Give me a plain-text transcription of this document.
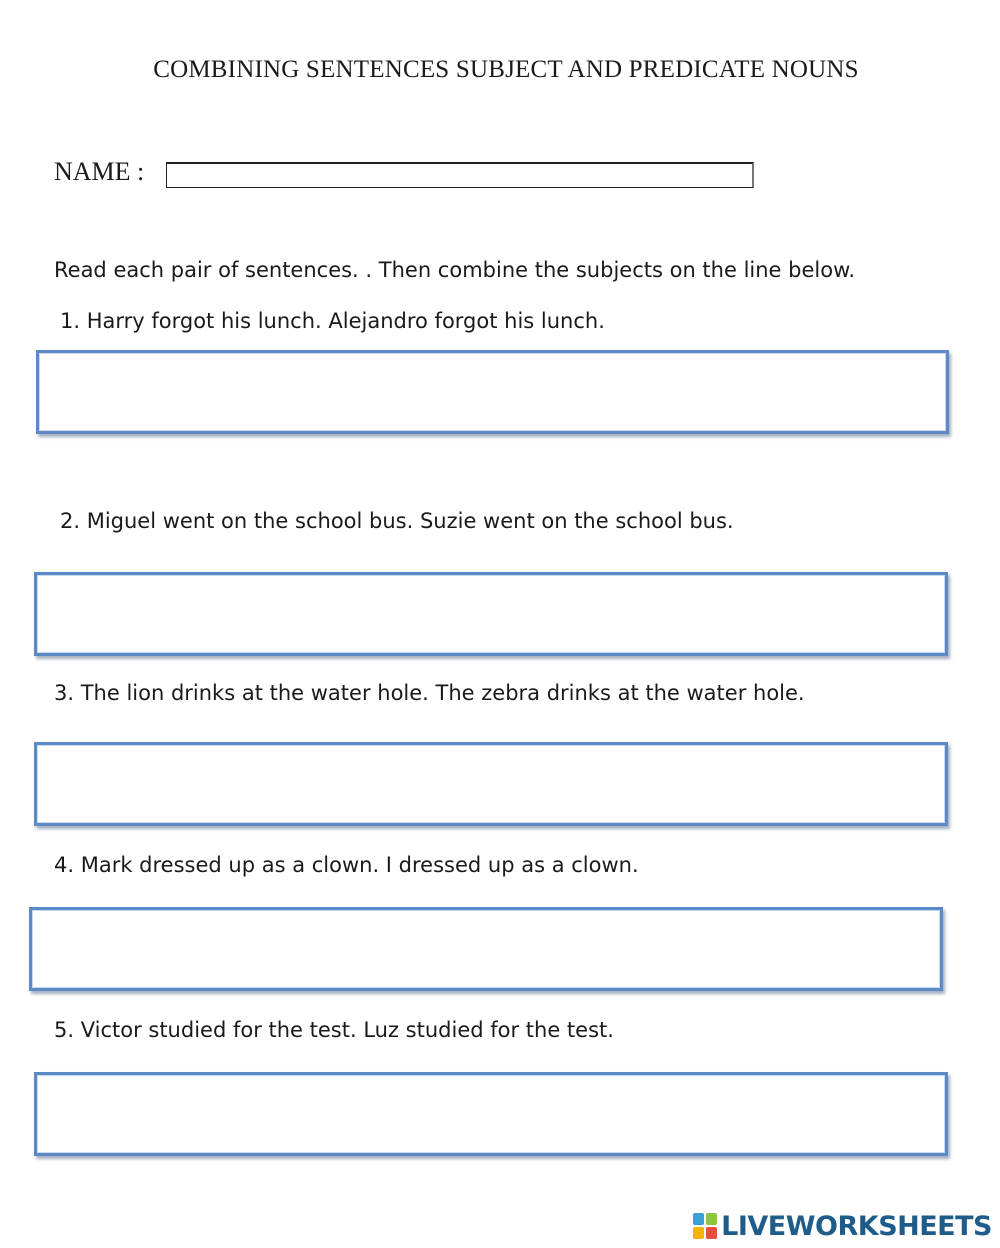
COMBINING SENTENCES SUBJECT AND PREDICATE NOUNS
NAME :
Read each pair of sentences. . Then combine the subjects on the line below.
1. Harry forgot his lunch. Alejandro forgot his lunch.
2. Miguel went on the school bus. Suzie went on the school bus.
3. The lion drinks at the water hole. The zebra drinks at the water hole.
4. Mark dressed up as a clown. I dressed up as a clown.
5. Victor studied for the test. Luz studied for the test.
LIVEWORKSHEETS
